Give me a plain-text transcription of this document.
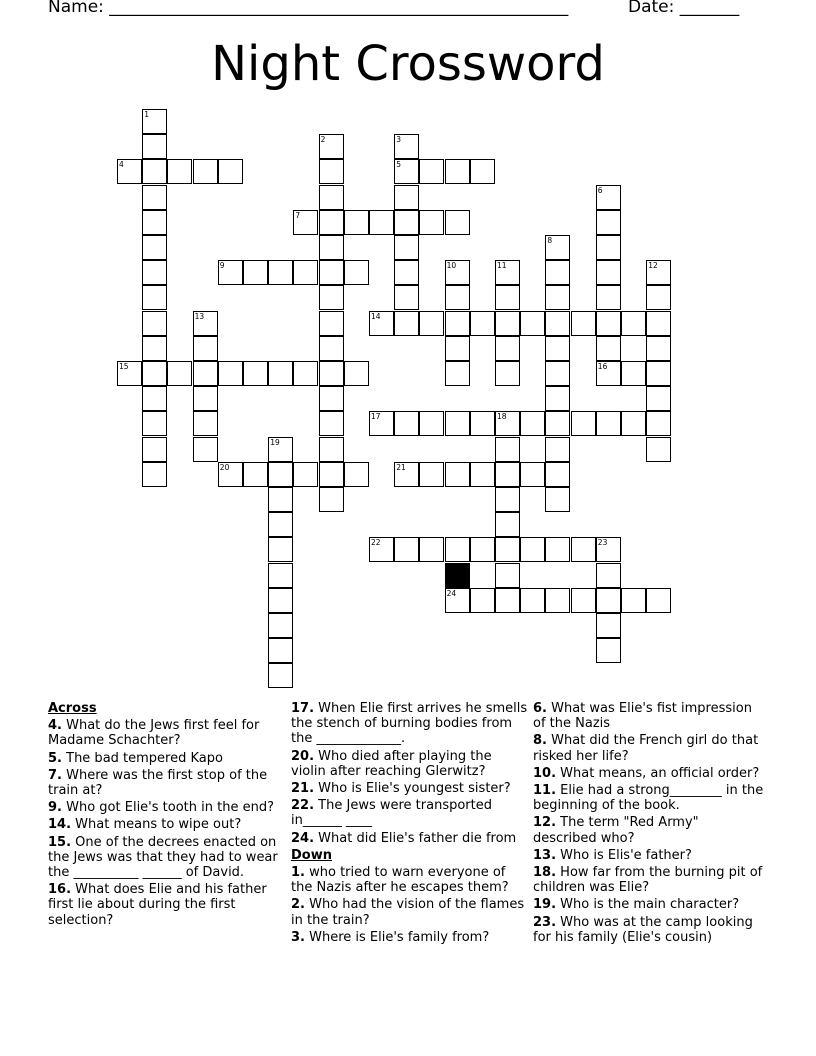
Name: ______________________________________________________	Date: _______
Night Crossword
1
2	3
5
4
6
7
8
9	10	11	12
13	14
15	16
17	18
19
20	21
22	23
24
Across
4. What do the Jews first feel for Madame Schachter?
5. The bad tempered Kapo
7. Where was the first stop of the train at?
9. Who got Elie's tooth in the end?
14. What means to wipe out?
15. One of the decrees enacted on the Jews was that they had to wear the __________ ______ of David.
16. What does Elie and his father first lie about during the first selection?
17. When Elie first arrives he smells the stench of burning bodies from the _____________.
20. Who died after playing the violin after reaching Glerwitz?
21. Who is Elie's youngest sister?
22. The Jews were transported in______ ____
24. What did Elie's father die from
Down
1. who tried to warn everyone of the Nazis after he escapes them?
2. Who had the vision of the flames in the train?
3. Where is Elie's family from?
6. What was Elie's fist impression of the Nazis
8. What did the French girl do that risked her life?
10. What means, an official order?
11. Elie had a strong________ in the beginning of the book.
12. The term "Red Army" described who?
13. Who is Elis'e father?
18. How far from the burning pit of children was Elie?
19. Who is the main character?
23. Who was at the camp looking for his family (Elie's cousin)
